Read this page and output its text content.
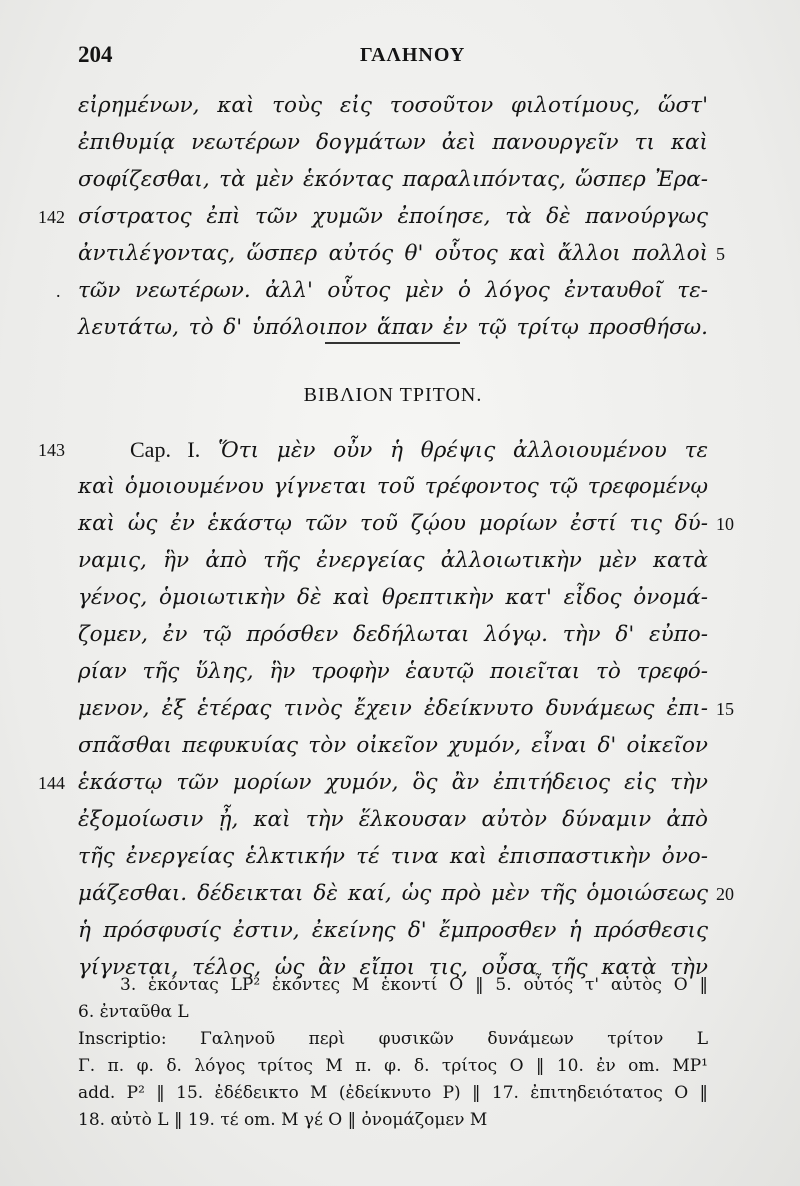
204	ΓΑΛΗΝΟΥ
εἰρημένων, καὶ τοὺς εἰς τοσοῦτον φιλοτίμους, ὥστ'
ἐπιθυμίᾳ νεωτέρων δογμάτων ἀεὶ πανουργεῖν τι καὶ
σοφίζεσθαι, τὰ μὲν ἑκόντας παραλιπόντας, ὥσπερ Ἐρα-
σίστρατος ἐπὶ τῶν χυμῶν ἐποίησε, τὰ δὲ πανούργως
ἀντιλέγοντας, ὥσπερ αὐτός θ' οὗτος καὶ ἄλλοι πολλοὶ
τῶν νεωτέρων. ἀλλ' οὗτος μὲν ὁ λόγος ἐνταυθοῖ τε-
λευτάτω, τὸ δ' ὑπόλοιπον ἅπαν ἐν τῷ τρίτῳ προσθήσω.
142
.
5
ΒΙΒΛΙΟΝ ΤΡΙΤΟΝ.
143	Cap. I. Ὅτι μὲν οὖν ἡ θρέψις ἀλλοιουμένου τε
καὶ ὁμοιουμένου γίγνεται τοῦ τρέφοντος τῷ τρεφομένῳ
καὶ ὡς ἐν ἑκάστῳ τῶν τοῦ ζῴου μορίων ἐστί τις δύ-
ναμις, ἣν ἀπὸ τῆς ἐνεργείας ἀλλοιωτικὴν μὲν κατὰ
γένος, ὁμοιωτικὴν δὲ καὶ θρεπτικὴν κατ' εἶδος ὀνομά-
ζομεν, ἐν τῷ πρόσθεν δεδήλωται λόγῳ. τὴν δ' εὐπο-
ρίαν τῆς ὕλης, ἣν τροφὴν ἑαυτῷ ποιεῖται τὸ τρεφό-
μενον, ἐξ ἑτέρας τινὸς ἔχειν ἐδείκνυτο δυνάμεως ἐπι-
σπᾶσθαι πεφυκυίας τὸν οἰκεῖον χυμόν, εἶναι δ' οἰκεῖον
ἑκάστῳ τῶν μορίων χυμόν, ὃς ἂν ἐπιτήδειος εἰς τὴν
ἐξομοίωσιν ᾖ, καὶ τὴν ἕλκουσαν αὐτὸν δύναμιν ἀπὸ
τῆς ἐνεργείας ἑλκτικήν τέ τινα καὶ ἐπισπαστικὴν ὀνο-
μάζεσθαι. δέδεικται δὲ καί, ὡς πρὸ μὲν τῆς ὁμοιώσεως
ἡ πρόσφυσίς ἐστιν, ἐκείνης δ' ἔμπροσθεν ἡ πρόσθεσις
γίγνεται, τέλος, ὡς ἂν εἴποι τις, οὖσα τῆς κατὰ τὴν
10
15
144
20
3. ἑκόντας LP² ἑκόντες M ἑκοντί O ‖ 5. οὗτός τ' αὐτὸς O ‖
6. ἐνταῦθα L
Inscriptio: Γαληνοῦ περὶ φυσικῶν δυνάμεων τρίτον L
Γ. π. φ. δ. λόγος τρίτος M π. φ. δ. τρίτος O ‖ 10. ἐν om. MP¹
add. P² ‖ 15. ἐδέδεικτο M (ἐδείκνυτο P) ‖ 17. ἐπιτηδειότατος O ‖
18. αὐτὸ L ‖ 19. τέ om. M γέ O ‖ ὀνομάζομεν M
